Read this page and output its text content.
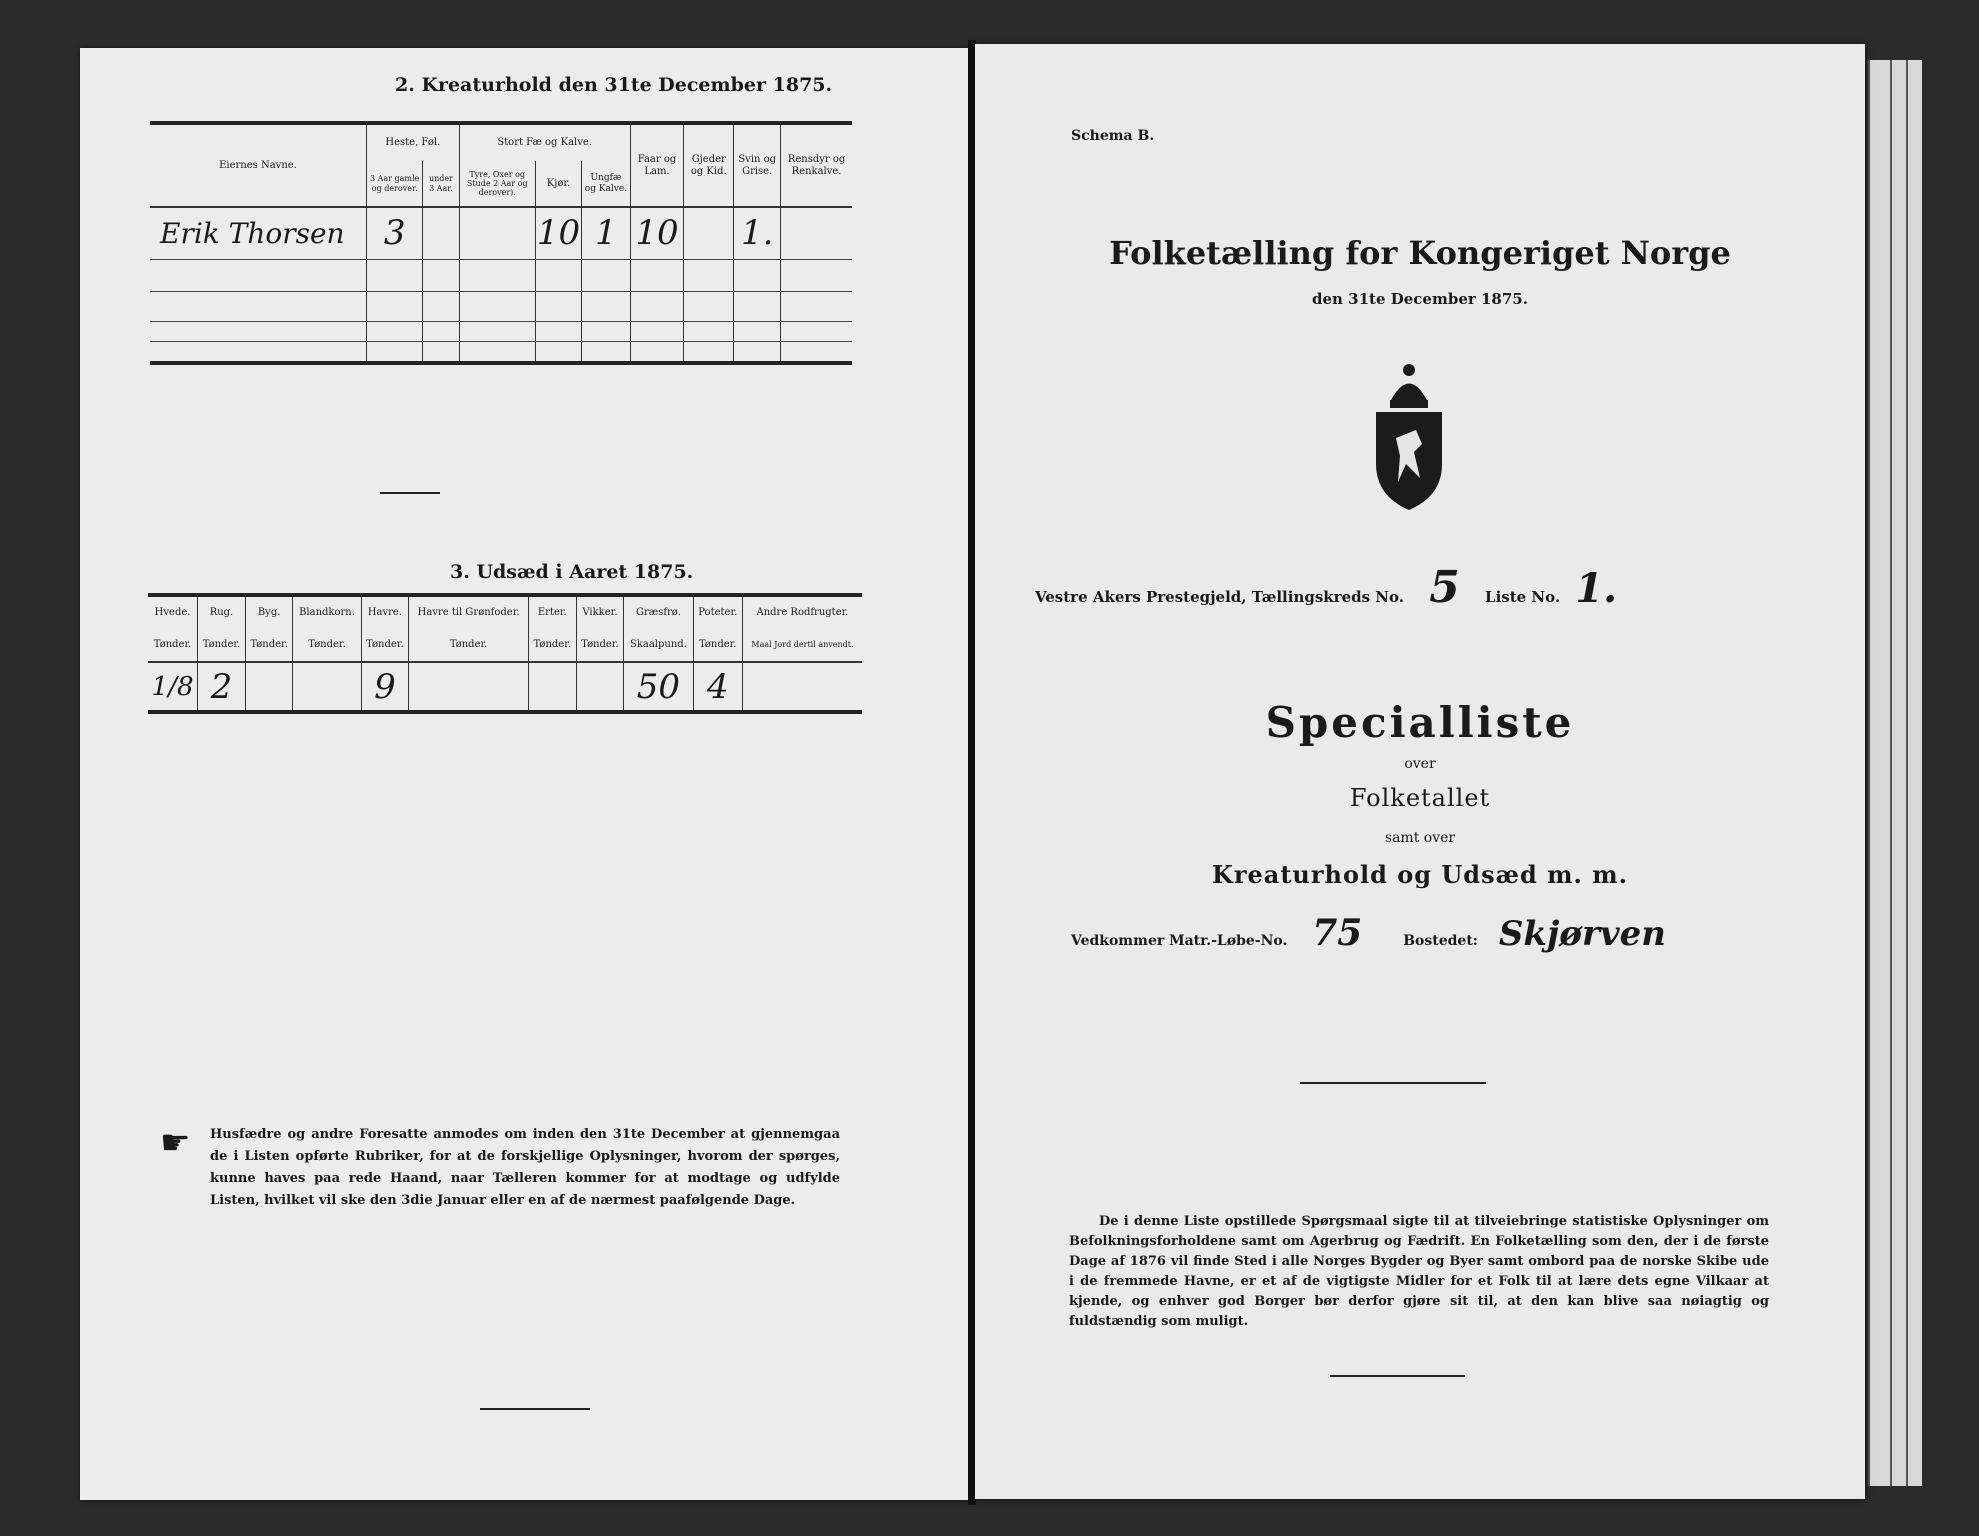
2. Kreaturhold den 31te December 1875.
Eiernes Navne.	Heste, Føl.		Stort Fæ og Kalve.			Faar og Lam.	Gjeder og Kid.	Svin og Grise.	Rensdyr og Renkalve.
	3 Aar gamle og derover.	under 3 Aar.	Tyre, Oxer og Stude 2 Aar og derover).	Kjør.	Ungfæ og Kalve.				
Erik Thorsen	3			10	1	10		1.	

3. Udsæd i Aaret 1875.
Hvede.	Rug.	Byg.	Blandkorn.	Havre.	Havre til Grønfoder.	Erter.	Vikker.	Græsfrø.	Poteter.	Andre Rodfrugter.
Tønder.	Tønder.	Tønder.	Tønder.	Tønder.	Tønder.	Tønder.	Tønder.	Skaalpund.	Tønder.	Maal Jord dertil anvendt.
1/8	2			9				50	4	
☛ Husfædre og andre Foresatte anmodes om inden den 31te December at gjennemgaa de i Listen opførte Rubriker, for at de forskjellige Oplysninger, hvorom der spørges, kunne haves paa rede Haand, naar Tælleren kommer for at modtage og udfylde Listen, hvilket vil ske den 3die Januar eller en af de nærmest paafølgende Dage.
Schema B.
Folketælling for Kongeriget Norge
den 31te December 1875.
Vestre Akers Prestegjeld, Tællingskreds No. 5 Liste No. 1.
Specialliste
over
Folketallet
samt over
Kreaturhold og Udsæd m. m.
Vedkommer Matr.-Løbe-No. 75	Bostedet: Skjørven
De i denne Liste opstillede Spørgsmaal sigte til at tilveiebringe statistiske Oplysninger om Befolkningsforholdene samt om Agerbrug og Fædrift. En Folketælling som den, der i de første Dage af 1876 vil finde Sted i alle Norges Bygder og Byer samt ombord paa de norske Skibe ude i de fremmede Havne, er et af de vigtigste Midler for et Folk til at lære dets egne Vilkaar at kjende, og enhver god Borger bør derfor gjøre sit til, at den kan blive saa nøiagtig og fuldstændig som muligt.
